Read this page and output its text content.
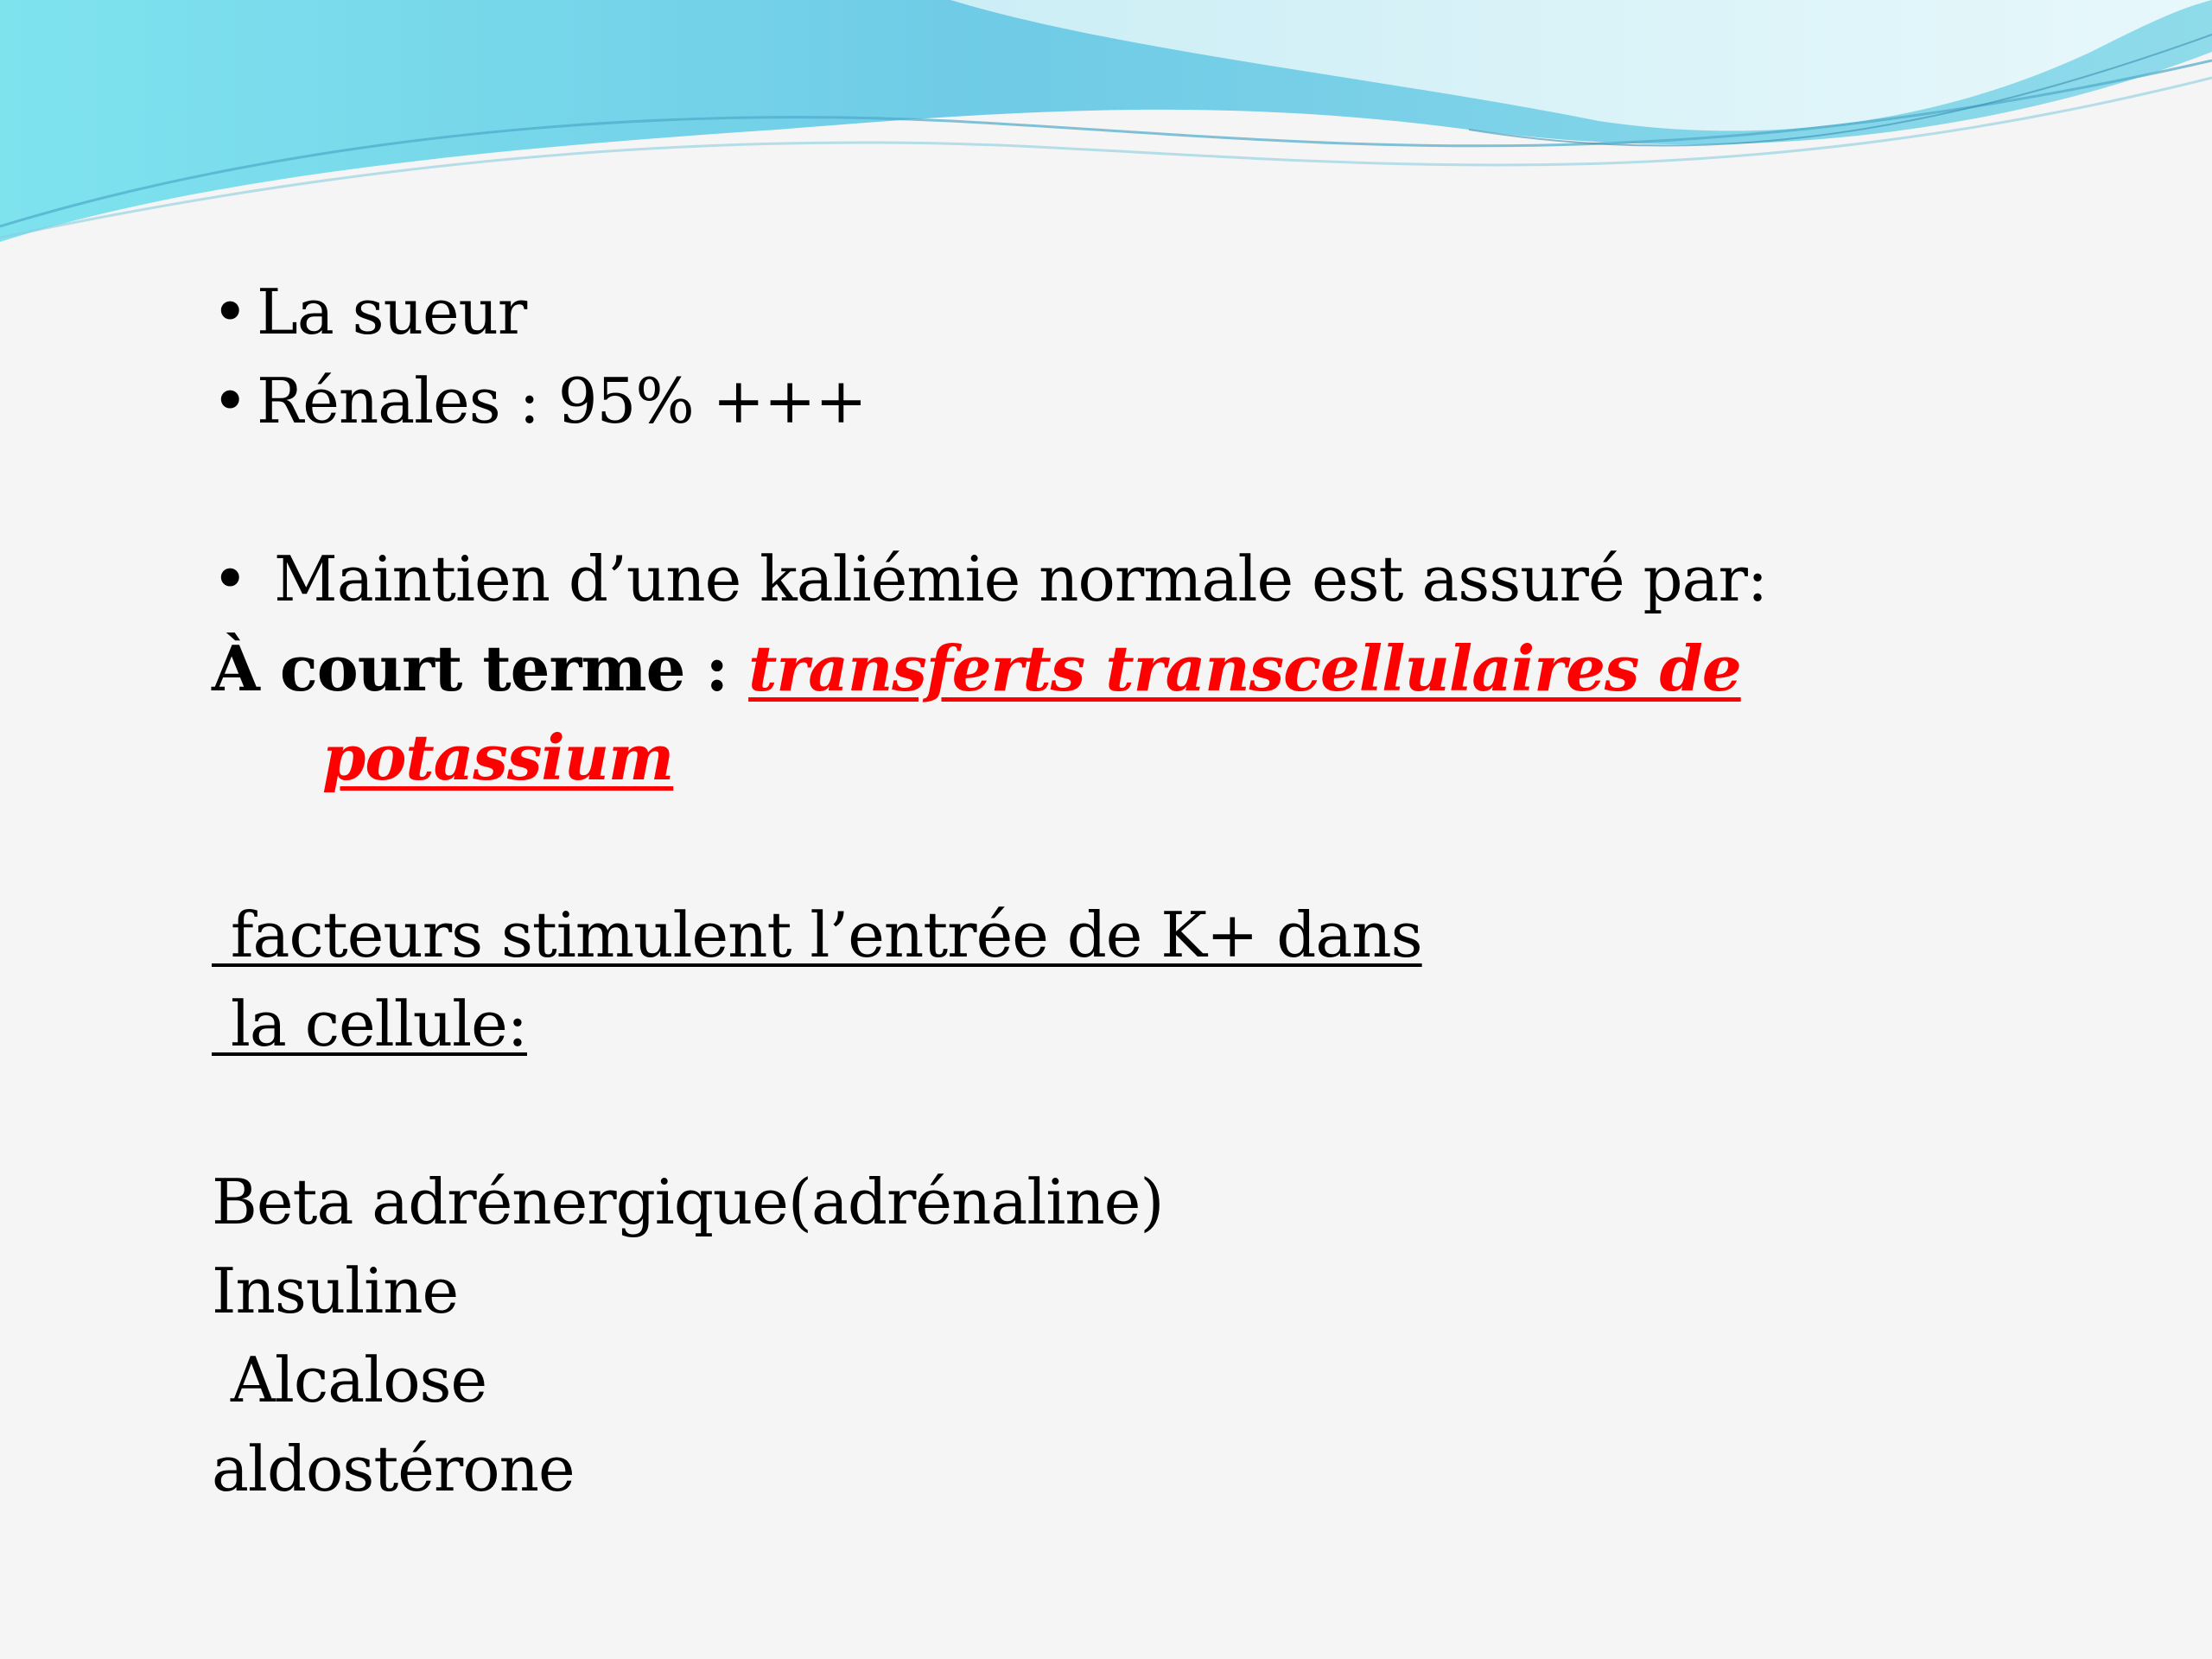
• La sueur
• Rénales : 95% +++
• Maintien d’une kaliémie normale est assuré par:
À court terme : transferts transcellulaires de
potassium
facteurs stimulent l’entrée de K+ dans
la cellule:
Beta adrénergique(adrénaline)
Insuline
Alcalose
aldostérone
